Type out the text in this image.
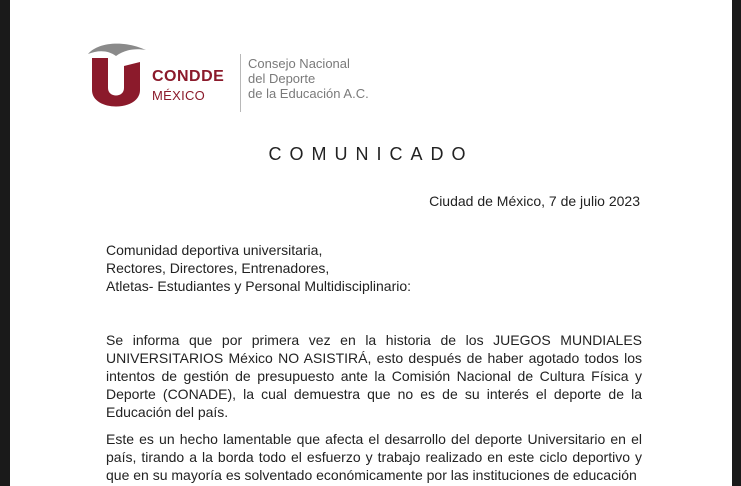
CONDDE
MÉXICO
Consejo Nacional
del Deporte
de la Educación A.C.
COMUNICADO
Ciudad de México, 7 de julio 2023
Comunidad deportiva universitaria,
Rectores, Directores, Entrenadores,
Atletas- Estudiantes y Personal Multidisciplinario:
Se informa que por primera vez en la historia de los JUEGOS MUNDIALES UNIVERSITARIOS México NO ASISTIRÁ, esto después de haber agotado todos los intentos de gestión de presupuesto ante la Comisión Nacional de Cultura Física y Deporte (CONADE), la cual demuestra que no es de su interés el deporte de la Educación del país.
Este es un hecho lamentable que afecta el desarrollo del deporte Universitario en el país, tirando a la borda todo el esfuerzo y trabajo realizado en este ciclo deportivo y que en su mayoría es solventado económicamente por las instituciones de educación
